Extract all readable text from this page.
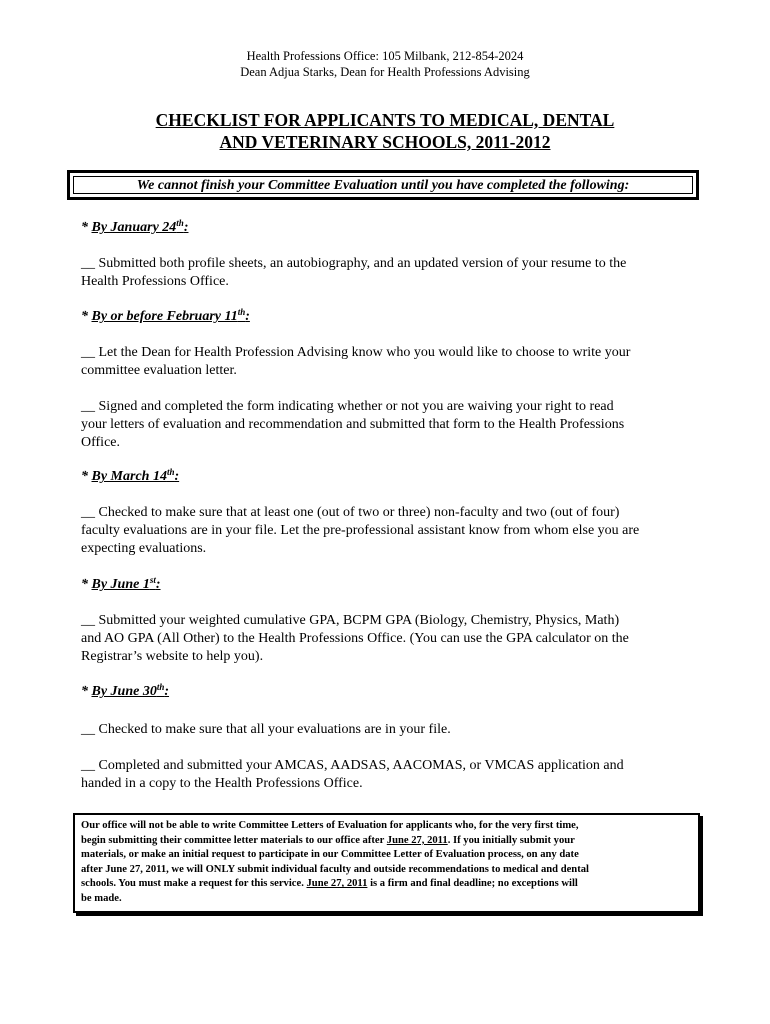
Health Professions Office: 105 Milbank, 212-854-2024
Dean Adjua Starks, Dean for Health Professions Advising
CHECKLIST FOR APPLICANTS TO MEDICAL, DENTAL
AND VETERINARY SCHOOLS, 2011-2012
We cannot finish your Committee Evaluation until you have completed the following:
* By January 24th:
__ Submitted both profile sheets, an autobiography, and an updated version of your resume to the
Health Professions Office.
* By or before February 11th:
__ Let the Dean for Health Profession Advising know who you would like to choose to write your
committee evaluation letter.
__ Signed and completed the form indicating whether or not you are waiving your right to read
your letters of evaluation and recommendation and submitted that form to the Health Professions
Office.
* By March 14th:
__ Checked to make sure that at least one (out of two or three) non-faculty and two (out of four)
faculty evaluations are in your file. Let the pre-professional assistant know from whom else you are
expecting evaluations.
* By June 1st:
__ Submitted your weighted cumulative GPA, BCPM GPA (Biology, Chemistry, Physics, Math)
and AO GPA (All Other) to the Health Professions Office. (You can use the GPA calculator on the
Registrar’s website to help you).
* By June 30th:
__ Checked to make sure that all your evaluations are in your file.
__ Completed and submitted your AMCAS, AADSAS, AACOMAS, or VMCAS application and
handed in a copy to the Health Professions Office.
Our office will not be able to write Committee Letters of Evaluation for applicants who, for the very first time,
begin submitting their committee letter materials to our office after June 27, 2011. If you initially submit your
materials, or make an initial request to participate in our Committee Letter of Evaluation process, on any date
after June 27, 2011, we will ONLY submit individual faculty and outside recommendations to medical and dental
schools. You must make a request for this service. June 27, 2011 is a firm and final deadline; no exceptions will
be made.
